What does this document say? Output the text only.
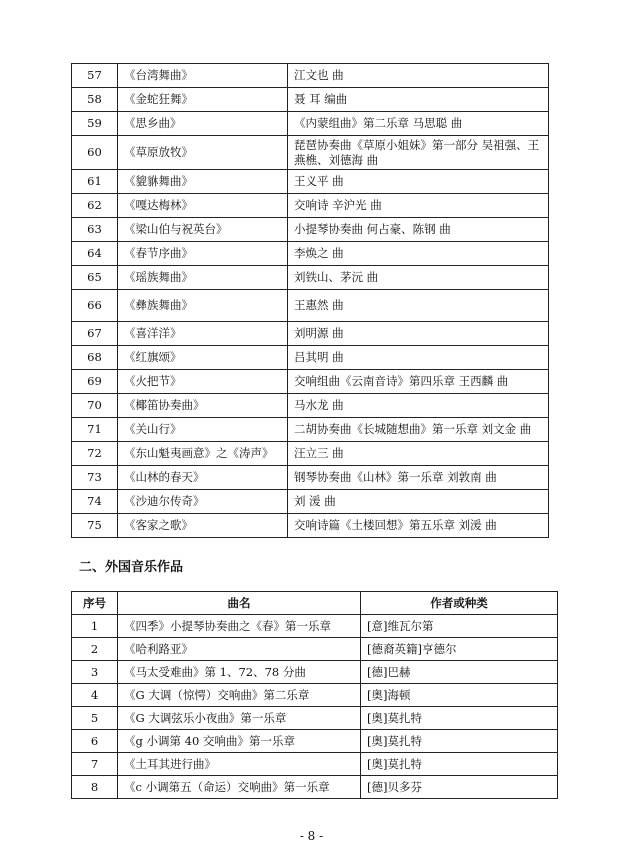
57	《台湾舞曲》	江文也 曲
58	《金蛇狂舞》	聂 耳 编曲
59	《思乡曲》	《内蒙组曲》第二乐章 马思聪 曲
60	《草原放牧》	琵琶协奏曲《草原小姐妹》第一部分 吴祖强、王燕樵、刘德海 曲
61	《貔貅舞曲》	王义平 曲
62	《嘎达梅林》	交响诗 辛沪光 曲
63	《梁山伯与祝英台》	小提琴协奏曲 何占豪、陈钢 曲
64	《春节序曲》	李焕之 曲
65	《瑶族舞曲》	刘铁山、茅沅 曲
66	《彝族舞曲》	王惠然 曲
67	《喜洋洋》	刘明源 曲
68	《红旗颂》	吕其明 曲
69	《火把节》	交响组曲《云南音诗》第四乐章 王西麟 曲
70	《椰笛协奏曲》	马水龙 曲
71	《关山行》	二胡协奏曲《长城随想曲》第一乐章 刘文金 曲
72	《东山魁夷画意》之《涛声》	汪立三 曲
73	《山林的春天》	钢琴协奏曲《山林》第一乐章 刘敦南 曲
74	《沙迪尔传奇》	刘 湲 曲
75	《客家之歌》	交响诗篇《土楼回想》第五乐章 刘湲 曲
二、外国音乐作品
序号	曲名	作者或种类
1	《四季》小提琴协奏曲之《春》第一乐章	[意]维瓦尔第
2	《哈利路亚》	[德裔英籍]亨德尔
3	《马太受难曲》第 1、72、78 分曲	[德]巴赫
4	《G 大调（惊愕）交响曲》第二乐章	[奥]海顿
5	《G 大调弦乐小夜曲》第一乐章	[奥]莫扎特
6	《g 小调第 40 交响曲》第一乐章	[奥]莫扎特
7	《土耳其进行曲》	[奥]莫扎特
8	《c 小调第五（命运）交响曲》第一乐章	[德]贝多芬
- 8 -
